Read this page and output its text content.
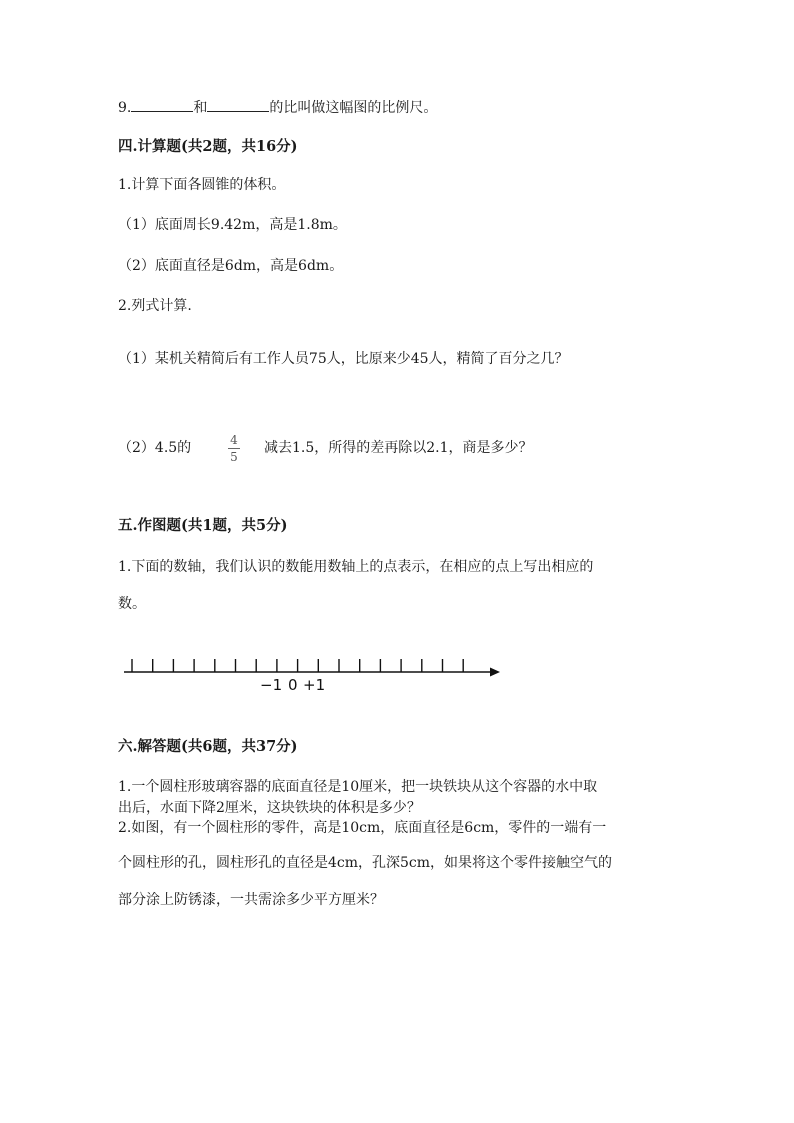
9.	和	的比叫做这幅图的比例尺。
四.计算题(共2题，共16分)
1.计算下面各圆锥的体积。
（1）底面周长9.42m，高是1.8m。
（2）底面直径是6dm，高是6dm。
2.列式计算.
（1）某机关精简后有工作人员75人，比原来少45人，精简了百分之几？
（2）4.5的	4
5
减去1.5，所得的差再除以2.1，商是多少？
五.作图题(共1题，共5分)
1.下面的数轴，我们认识的数能用数轴上的点表示，在相应的点上写出相应的
数。
−1 0 +1
六.解答题(共6题，共37分)
1.一个圆柱形玻璃容器的底面直径是10厘米，把一块铁块从这个容器的水中取
出后，水面下降2厘米，这块铁块的体积是多少？
2.如图，有一个圆柱形的零件，高是10cm，底面直径是6cm，零件的一端有一
个圆柱形的孔，圆柱形孔的直径是4cm，孔深5cm，如果将这个零件接触空气的
部分涂上防锈漆，一共需涂多少平方厘米？
